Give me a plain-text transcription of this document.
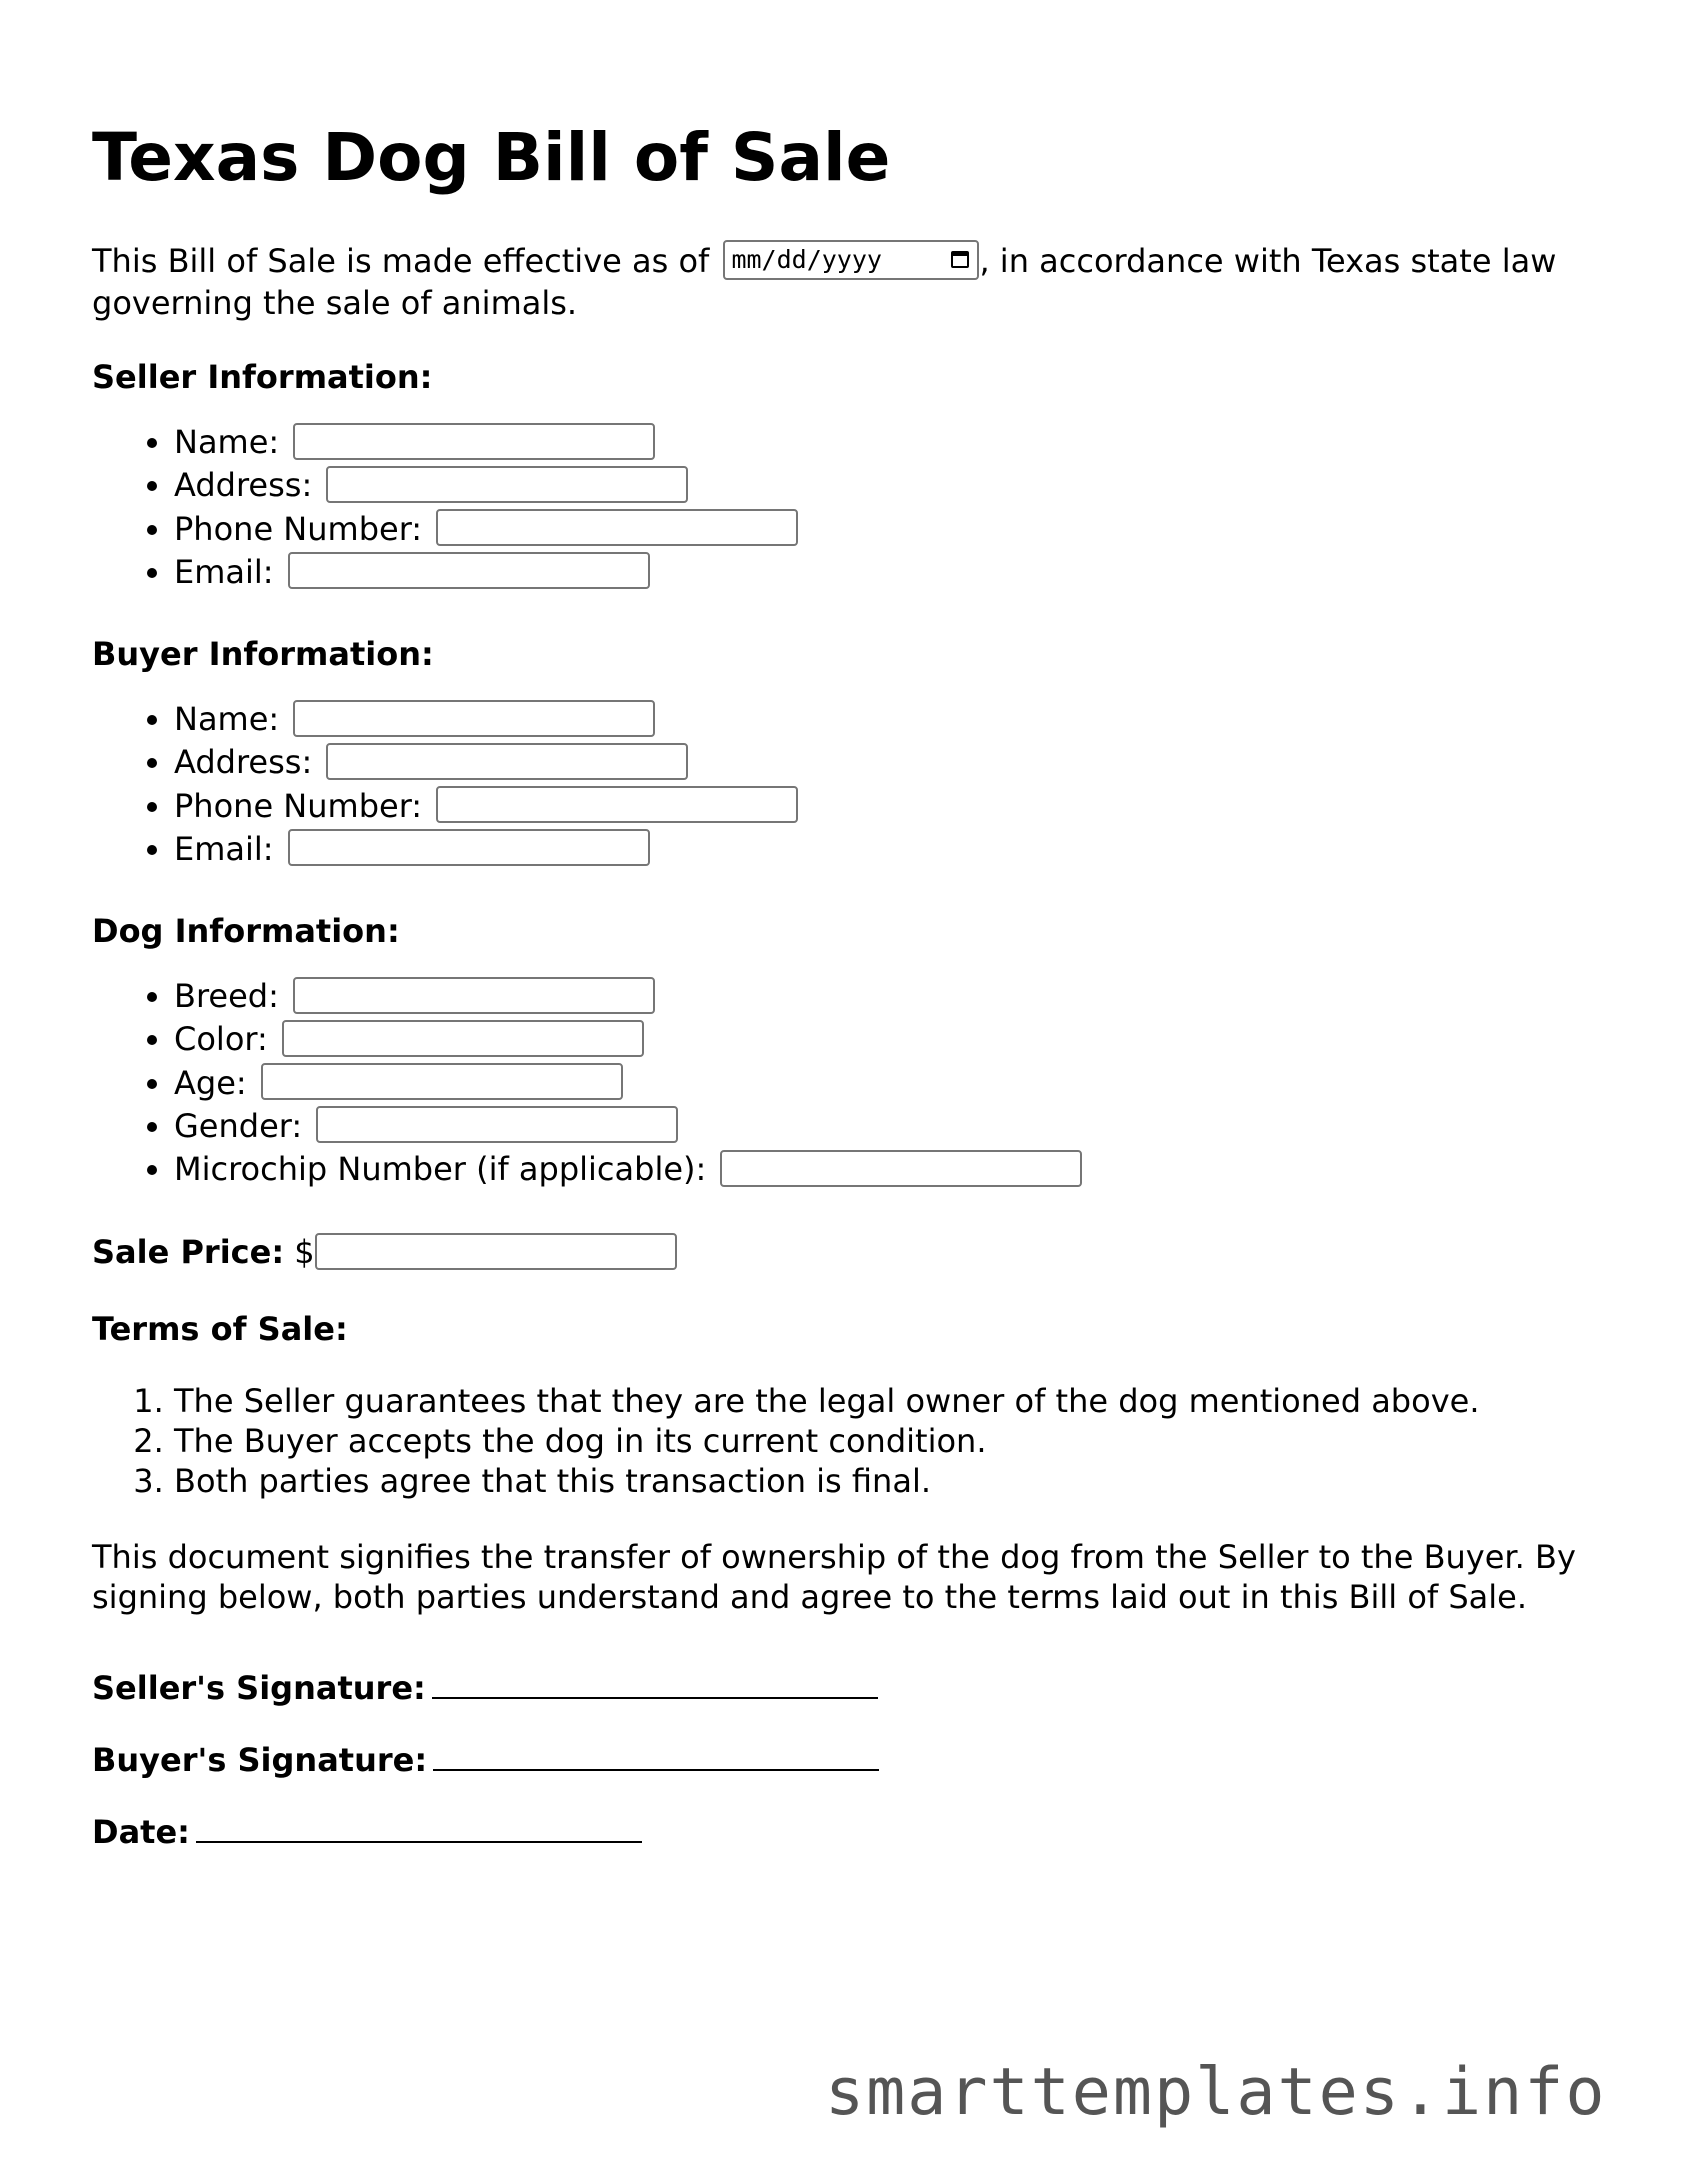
Texas Dog Bill of Sale
This Bill of Sale is made effective as of mm/dd/yyyy	, in accordance with Texas state law governing the sale of animals.
Seller Information:
• Name:
• Address:
• Phone Number:
• Email:
Buyer Information:
• Name:
• Address:
• Phone Number:
• Email:
Dog Information:
• Breed:
• Color:
• Age:
• Gender:
• Microchip Number (if applicable):
Sale Price: $
Terms of Sale:
1. The Seller guarantees that they are the legal owner of the dog mentioned above.
2. The Buyer accepts the dog in its current condition.
3. Both parties agree that this transaction is final.
This document signifies the transfer of ownership of the dog from the Seller to the Buyer. By signing below, both parties understand and agree to the terms laid out in this Bill of Sale.
Seller's Signature:
Buyer's Signature:
Date:
smarttemplates.info
